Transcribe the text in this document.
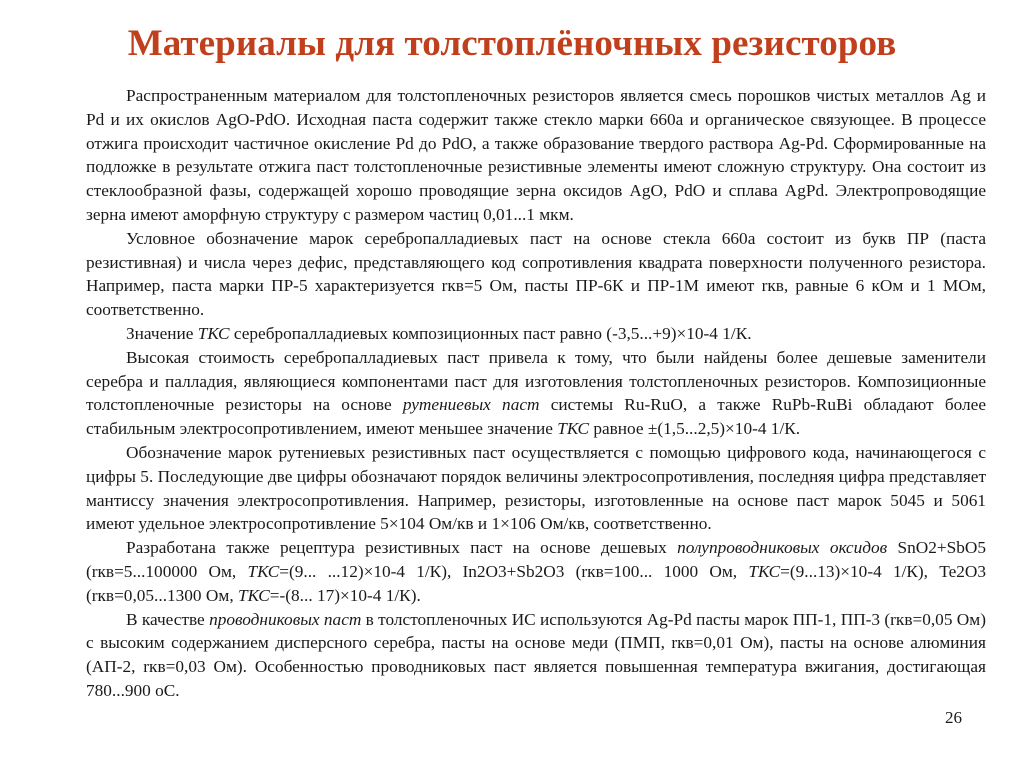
Материалы для толстоплёночных резисторов

Распространенным материалом для толстопленочных резисторов является смесь порошков чистых металлов Ag и Pd и их окислов AgO-PdO. Исходная паста содержит также стекло марки 660а и органическое связующее. В процессе отжига происходит частичное окисление Pd до PdO, а также образование твердого раствора Ag-Pd. Сформированные на подложке в результате отжига паст толстопленочные резистивные элементы имеют сложную структуру. Она состоит из стеклообразной фазы, содержащей хорошо проводящие зерна оксидов AgO, PdO и сплава AgPd. Электропроводящие зерна имеют аморфную структуру с размером частиц 0,01...1 мкм.

Условное обозначение марок серебропалладиевых паст на основе стекла 660а состоит из букв ПР (паста резистивная) и числа через дефис, представляющего код сопротивления квадрата поверхности полученного резистора. Например, паста марки ПР-5 характеризуется rкв=5 Ом, пасты ПР-6К и ПР-1М имеют rкв, равные 6 кОм и 1 МОм, соответственно.

Значение ТКС серебропалладиевых композиционных паст равно (-3,5...+9)×10-4 1/К.

Высокая стоимость серебропалладиевых паст привела к тому, что были найдены более дешевые заменители серебра и палладия, являющиеся компонентами паст для изготовления толстопленочных резисторов. Композиционные толстопленочные резисторы на основе рутениевых паст системы Ru-RuO, а также RuPb-RuBi обладают более стабильным электросопротивлением, имеют меньшее значение ТКС равное ±(1,5...2,5)×10-4 1/К.

Обозначение марок рутениевых резистивных паст осуществляется с помощью цифрового кода, начинающегося с цифры 5. Последующие две цифры обозначают порядок величины электросопротивления, последняя цифра представляет мантиссу значения электросопротивления. Например, резисторы, изготовленные на основе паст марок 5045 и 5061 имеют удельное электросопротивление 5×104 Ом/кв и 1×106 Ом/кв, соответственно.

Разработана также рецептура резистивных паст на основе дешевых полупроводниковых оксидов SnO2+SbO5 (rкв=5...100000 Ом, ТКС=(9... ...12)×10-4 1/К), In2O3+Sb2O3 (rкв=100... 1000 Ом, ТКС=(9...13)×10-4 1/К), Te2O3 (rкв=0,05...1300 Ом, ТКС=-(8... 17)×10-4 1/К).

В качестве проводниковых паст в толстопленочных ИС используются Ag-Pd пасты марок ПП-1, ПП-3 (rкв=0,05 Ом) с высоким содержанием дисперсного серебра, пасты на основе меди (ПМП, rкв=0,01 Ом), пасты на основе алюминия (АП-2, rкв=0,03 Ом). Особенностью проводниковых паст является повышенная температура вжигания, достигающая 780...900 оС.

26
